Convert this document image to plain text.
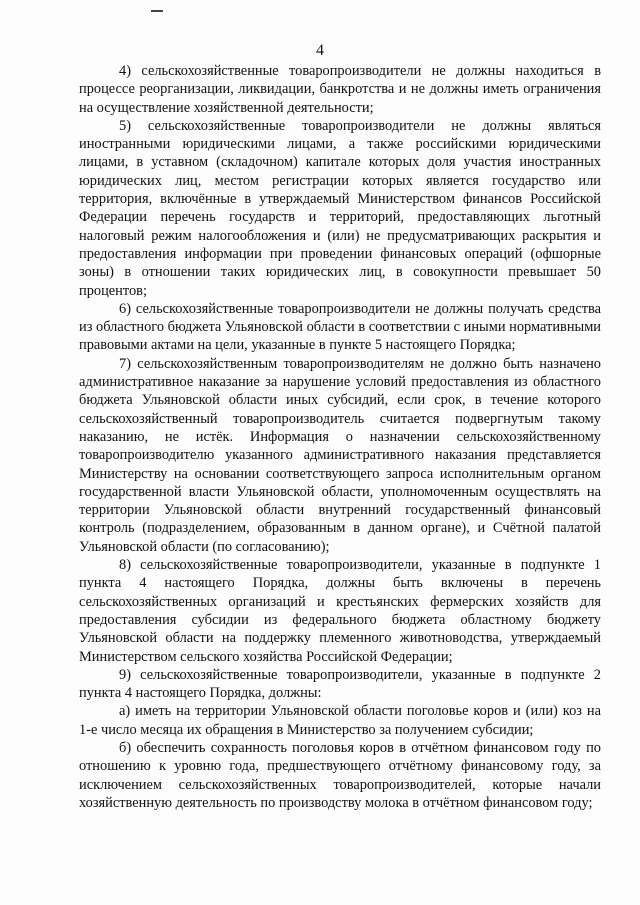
4

4) сельскохозяйственные товаропроизводители не должны находиться в процессе реорганизации, ликвидации, банкротства и не должны иметь ограничения на осуществление хозяйственной деятельности;

5) сельскохозяйственные товаропроизводители не должны являться иностранными юридическими лицами, а также российскими юридическими лицами, в уставном (складочном) капитале которых доля участия иностранных юридических лиц, местом регистрации которых является государство или территория, включённые в утверждаемый Министерством финансов Российской Федерации перечень государств и территорий, предоставляющих льготный налоговый режим налогообложения и (или) не предусматривающих раскрытия и предоставления информации при проведении финансовых операций (офшорные зоны) в отношении таких юридических лиц, в совокупности превышает 50 процентов;

6) сельскохозяйственные товаропроизводители не должны получать средства из областного бюджета Ульяновской области в соответствии с иными нормативными правовыми актами на цели, указанные в пункте 5 настоящего Порядка;

7) сельскохозяйственным товаропроизводителям не должно быть назначено административное наказание за нарушение условий предоставления из областного бюджета Ульяновской области иных субсидий, если срок, в течение которого сельскохозяйственный товаропроизводитель считается подвергнутым такому наказанию, не истёк. Информация о назначении сельскохозяйственному товаропроизводителю указанного административного наказания представляется Министерству на основании соответствующего запроса исполнительным органом государственной власти Ульяновской области, уполномоченным осуществлять на территории Ульяновской области внутренний государственный финансовый контроль (подразделением, образованным в данном органе), и Счётной палатой Ульяновской области (по согласованию);

8) сельскохозяйственные товаропроизводители, указанные в подпункте 1 пункта 4 настоящего Порядка, должны быть включены в перечень сельскохозяйственных организаций и крестьянских фермерских хозяйств для предоставления субсидии из федерального бюджета областному бюджету Ульяновской области на поддержку племенного животноводства, утверждаемый Министерством сельского хозяйства Российской Федерации;

9) сельскохозяйственные товаропроизводители, указанные в подпункте 2 пункта 4 настоящего Порядка, должны:

а) иметь на территории Ульяновской области поголовье коров и (или) коз на 1-е число месяца их обращения в Министерство за получением субсидии;

б) обеспечить сохранность поголовья коров в отчётном финансовом году по отношению к уровню года, предшествующего отчётному финансовому году, за исключением сельскохозяйственных товаропроизводителей, которые начали хозяйственную деятельность по производству молока в отчётном финансовом году;
